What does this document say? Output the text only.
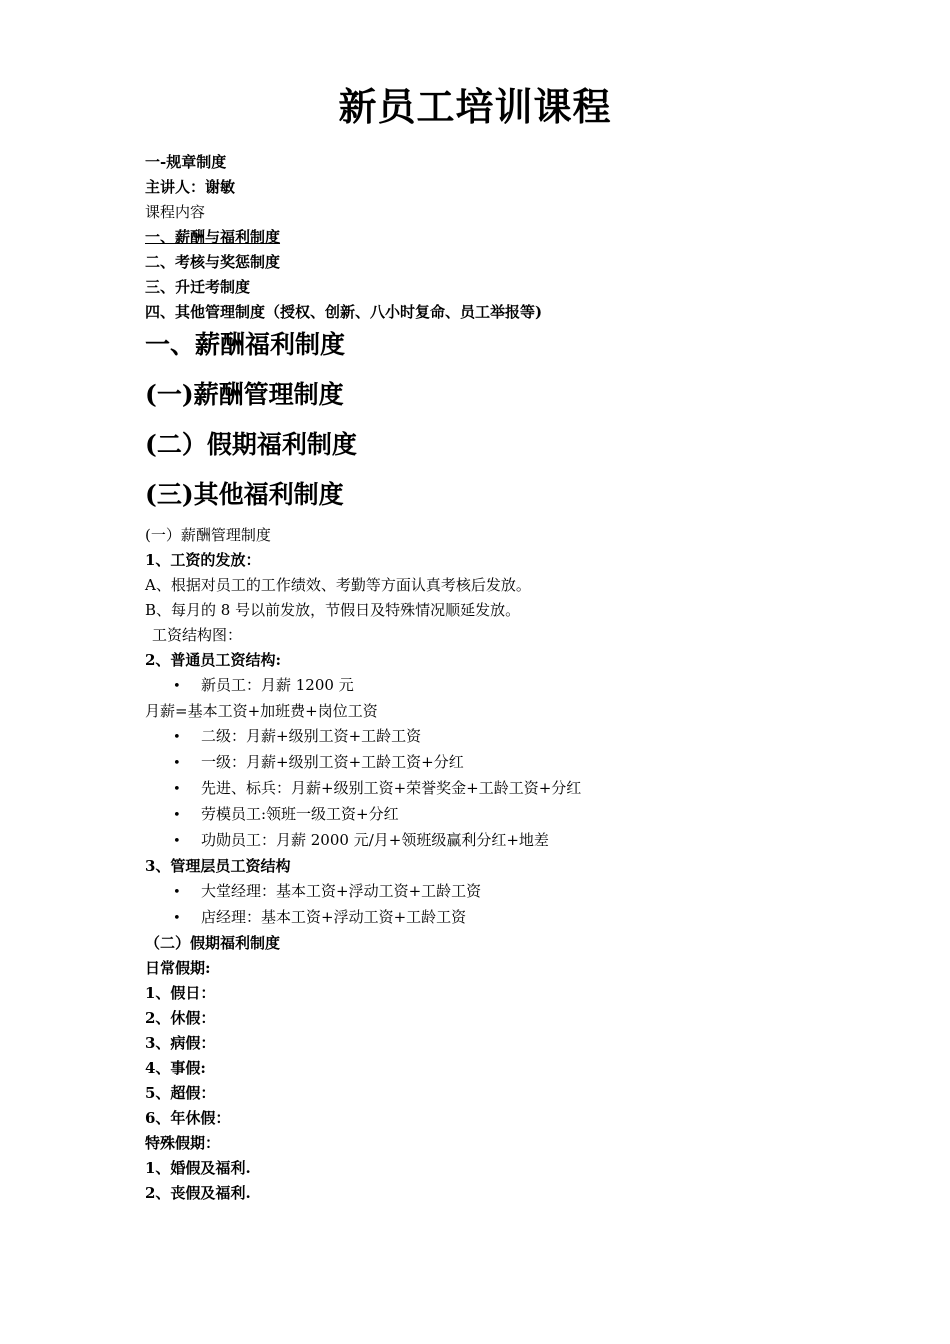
新员工培训课程
一-规章制度
主讲人：谢敏
课程内容
一、薪酬与福利制度
二、考核与奖惩制度
三、升迁考制度
四、其他管理制度（授权、创新、八小时复命、员工举报等)
一、薪酬福利制度
(一)薪酬管理制度
(二）假期福利制度
(三)其他福利制度
(一）薪酬管理制度
1、工资的发放：
A、根据对员工的工作绩效、考勤等方面认真考核后发放。
B、每月的 8 号以前发放，节假日及特殊情况顺延发放。
工资结构图：
2、普通员工资结构:
• 新员工：月薪 1200 元
月薪=基本工资+加班费+岗位工资
• 二级：月薪+级别工资+工龄工资
• 一级：月薪+级别工资+工龄工资+分红
• 先进、标兵：月薪+级别工资+荣誉奖金+工龄工资+分红
• 劳模员工:领班一级工资+分红
• 功勋员工：月薪 2000 元/月+领班级赢利分红+地差
3、管理层员工资结构
• 大堂经理：基本工资+浮动工资+工龄工资
• 店经理：基本工资+浮动工资+工龄工资
（二）假期福利制度
日常假期:
1、假日：
2、休假：
3、病假：
4、事假:
5、超假：
6、年休假：
特殊假期：
1、婚假及福利.
2、丧假及福利.
